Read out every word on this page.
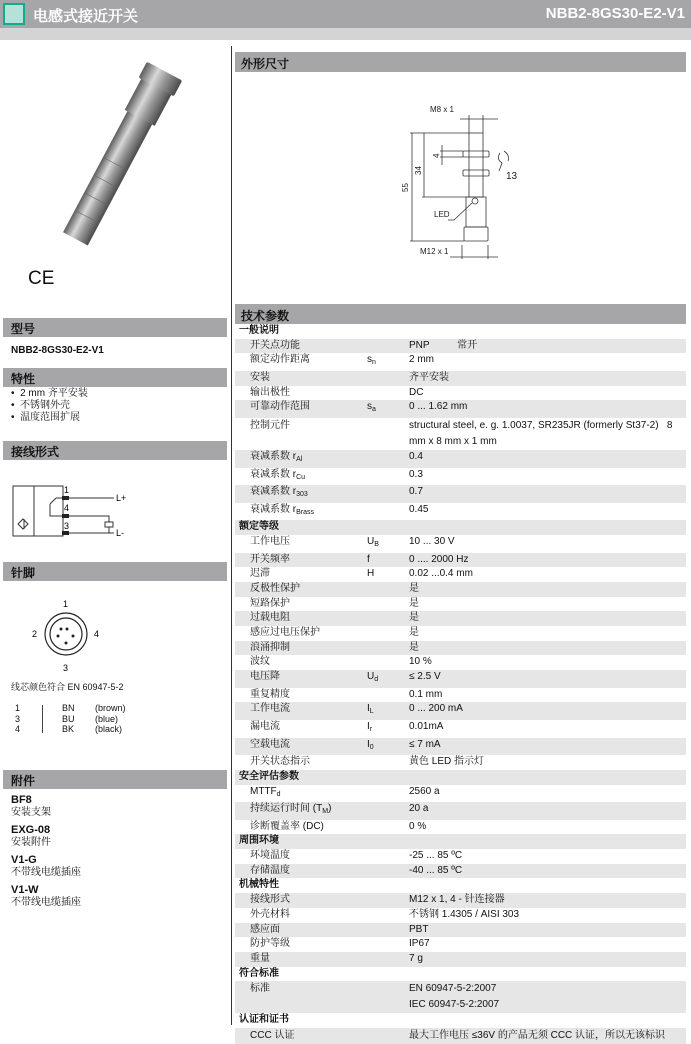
电感式接近开关	NBB2-8GS30-E2-V1
CE
型号
NBB2-8GS30-E2-V1
特性
•  2 mm 齐平安装
•  不锈钢外壳
•  温度范围扩展
接线形式
1
4
3
L+
L-
针脚
1
2
3
4
线芯颜色符合 EN 60947-5-2
1	BN	(brown)
3	BU	(blue)
4	BK	(black)
附件
BF8
安装支架
EXG-08
安装附件
V1-G
不带线电缆插座
V1-W
不带线电缆插座
外形尺寸
M8 x 1
M12 x 1
55
34
4
13
LED
技术参数
一般说明
开关点功能	PNP          常开
额定动作距离	$s_n$	2 mm
安装	齐平安装
输出极性	DC
可靠动作范围	$s_a$	0 ... 1.62 mm
控制元件	structural steel, e. g. 1.0037, SR235JR (formerly St37-2)   8 mm x 8 mm x 1 mm
衰减系数 $r_{Al}$	0.4
衰减系数 $r_{Cu}$	0.3
衰减系数 $r_{303}$	0.7
衰减系数 $r_{Brass}$	0.45
额定等级
工作电压	$U_B$	10 ... 30 V
开关频率	f	0 .... 2000 Hz
迟滞	H	0.02 ...0.4 mm
反极性保护	是
短路保护	是
过载电阻	是
感应过电压保护	是
浪涌抑制	是
波纹	10 %
电压降	$U_d$	≤ 2.5 V
重复精度	0.1 mm
工作电流	$I_L$	0 ... 200 mA
漏电流	$I_r$	0.01mA
空载电流	$I_0$	≤ 7 mA
开关状态指示	黄色 LED 指示灯
安全评估参数
$MTTF_d$	2560 a
持续运行时间 $(T_M)$	20 a
诊断覆盖率 (DC)	0 %
周围环境
环境温度	-25 ... 85 ºC
存储温度	-40 ... 85 ºC
机械特性
接线形式	M12 x 1, 4 - 针连接器
外壳材料	不锈钢 1.4305 / AISI 303
感应面	PBT
防护等级	IP67
重量	7 g
符合标准
标准	EN 60947-5-2:2007
IEC 60947-5-2:2007
认证和证书
CCC 认证	最大工作电压 ≤36V 的产品无须 CCC 认证，所以无该标识
